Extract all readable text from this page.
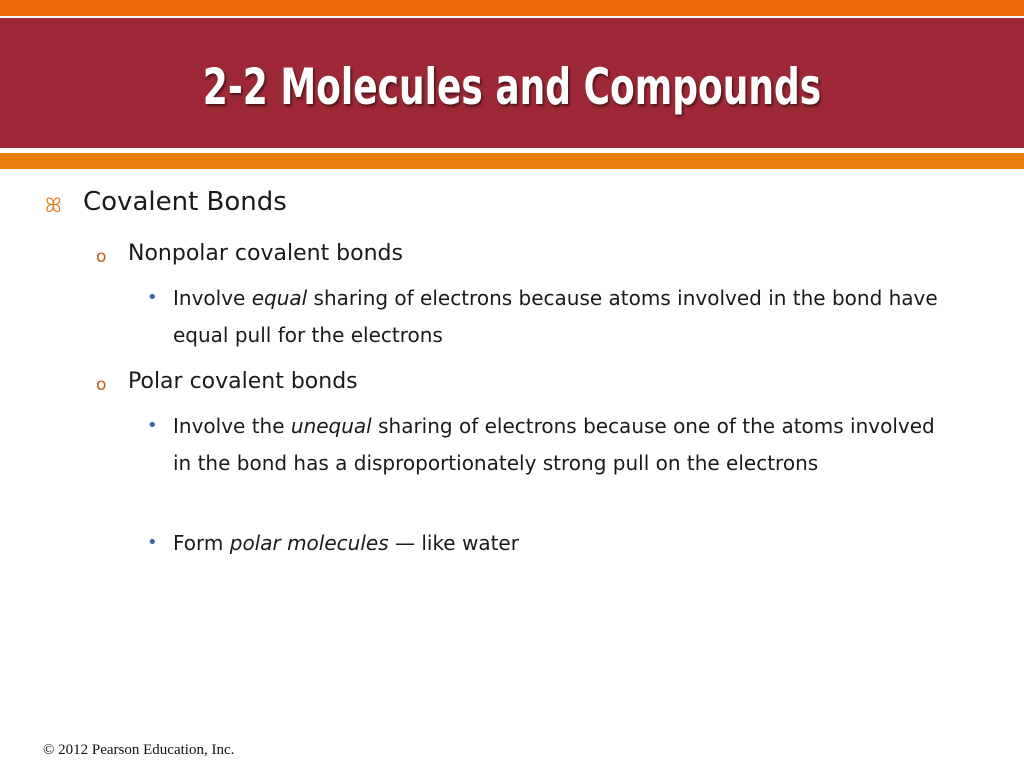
2-2 Molecules and Compounds
ꕤ Covalent Bonds
o Nonpolar covalent bonds
• Involve equal sharing of electrons because atoms involved in the bond have equal pull for the electrons
o Polar covalent bonds
• Involve the unequal sharing of electrons because one of the atoms involved in the bond has a disproportionately strong pull on the electrons
• Form polar molecules — like water
© 2012 Pearson Education, Inc.
